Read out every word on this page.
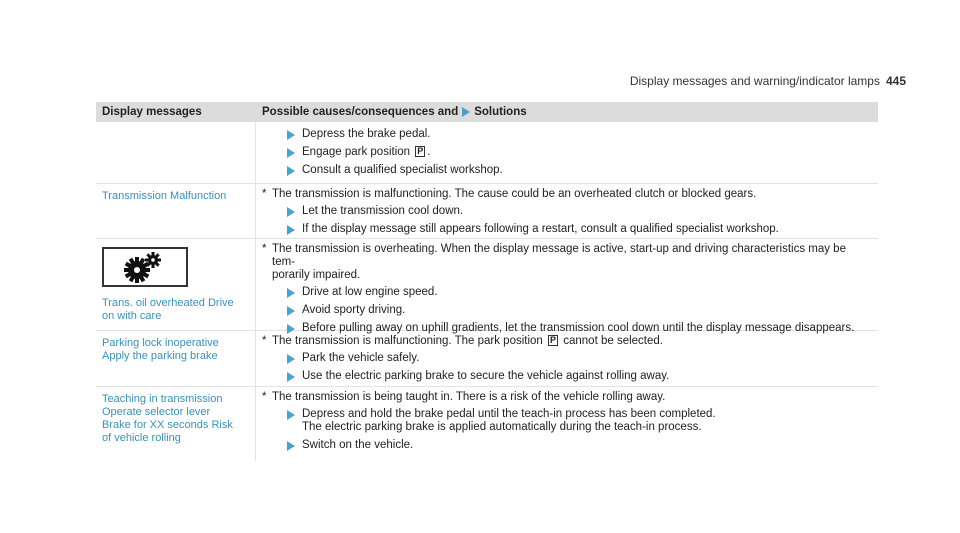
Display messages and warning/indicator lamps 445
Display messages	Possible causes/consequences and Solutions
Depress the brake pedal.
Engage park position P .
Consult a qualified specialist workshop.
Transmission Malfunction	* The transmission is malfunctioning. The cause could be an overheated clutch or blocked gears.
Let the transmission cool down.
If the display message still appears following a restart, consult a qualified specialist workshop.
Trans. oil overheated Drive
on with care
* The transmission is overheating. When the display message is active, start-up and driving characteristics may be tem-
porarily impaired.
Drive at low engine speed.
Avoid sporty driving.
Before pulling away on uphill gradients, let the transmission cool down until the display message disappears.
Parking lock inoperative
Apply the parking brake
* The transmission is malfunctioning. The park position P cannot be selected.
Park the vehicle safely.
Use the electric parking brake to secure the vehicle against rolling away.
Teaching in transmission
Operate selector lever
Brake for XX seconds Risk
of vehicle rolling
* The transmission is being taught in. There is a risk of the vehicle rolling away.
Depress and hold the brake pedal until the teach-in process has been completed.
The electric parking brake is applied automatically during the teach-in process.
Switch on the vehicle.
